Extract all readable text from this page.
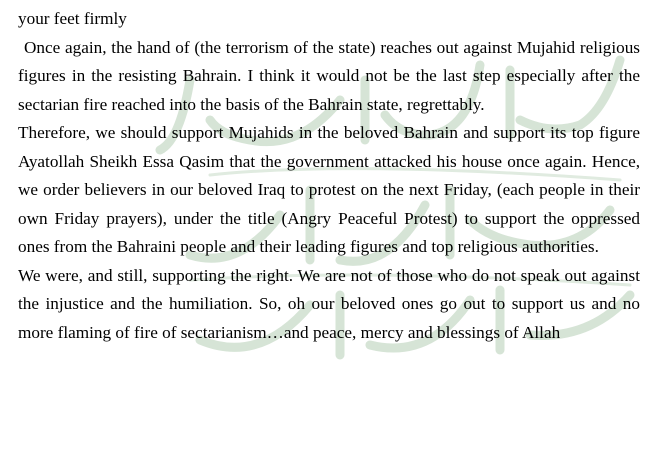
your feet firmly

Once again, the hand of (the terrorism of the state) reaches out against Mujahid religious figures in the resisting Bahrain. I think it would not be the last step especially after the sectarian fire reached into the basis of the Bahrain state, regrettably.

Therefore, we should support Mujahids in the beloved Bahrain and support its top figure Ayatollah Sheikh Essa Qasim that the government attacked his house once again. Hence, we order believers in our beloved Iraq to protest on the next Friday, (each people in their own Friday prayers), under the title (Angry Peaceful Protest) to support the oppressed ones from the Bahraini people and their leading figures and top religious authorities.

We were, and still, supporting the right. We are not of those who do not speak out against the injustice and the humiliation. So, oh our beloved ones go out to support us and no more flaming of fire of sectarianism…and peace, mercy and blessings of Allah
